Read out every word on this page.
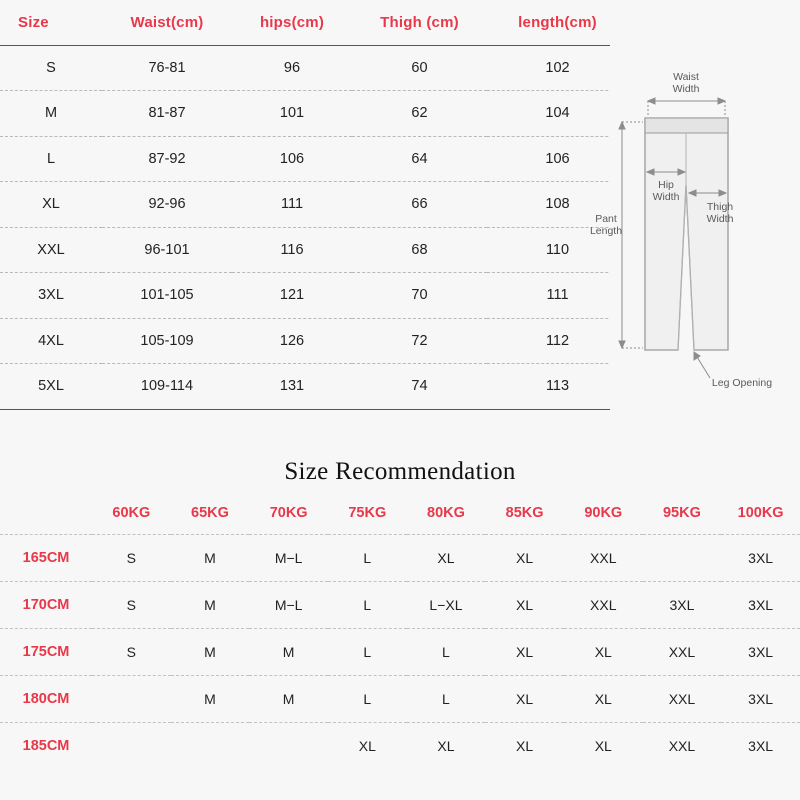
Size	Waist(cm)	hips(cm)	Thigh (cm)	length(cm)
S	76-81	96	60	102
M	81-87	101	62	104
L	87-92	106	64	106
XL	92-96	111	66	108
XXL	96-101	116	68	110
3XL	101-105	121	70	111
4XL	105-109	126	72	112
5XL	109-114	131	74	113
Waist
Width
Hip
Width
Thigh
Width
Pant
Length
Leg Opening
Size Recommendation
	60KG	65KG	70KG	75KG	80KG	85KG	90KG	95KG	100KG
165CM	S	M	M−L	L	XL	XL	XXL		3XL
170CM	S	M	M−L	L	L−XL	XL	XXL	3XL	3XL
175CM	S	M	M	L	L	XL	XL	XXL	3XL
180CM		M	M	L	L	XL	XL	XXL	3XL
185CM				XL	XL	XL	XL	XXL	3XL
